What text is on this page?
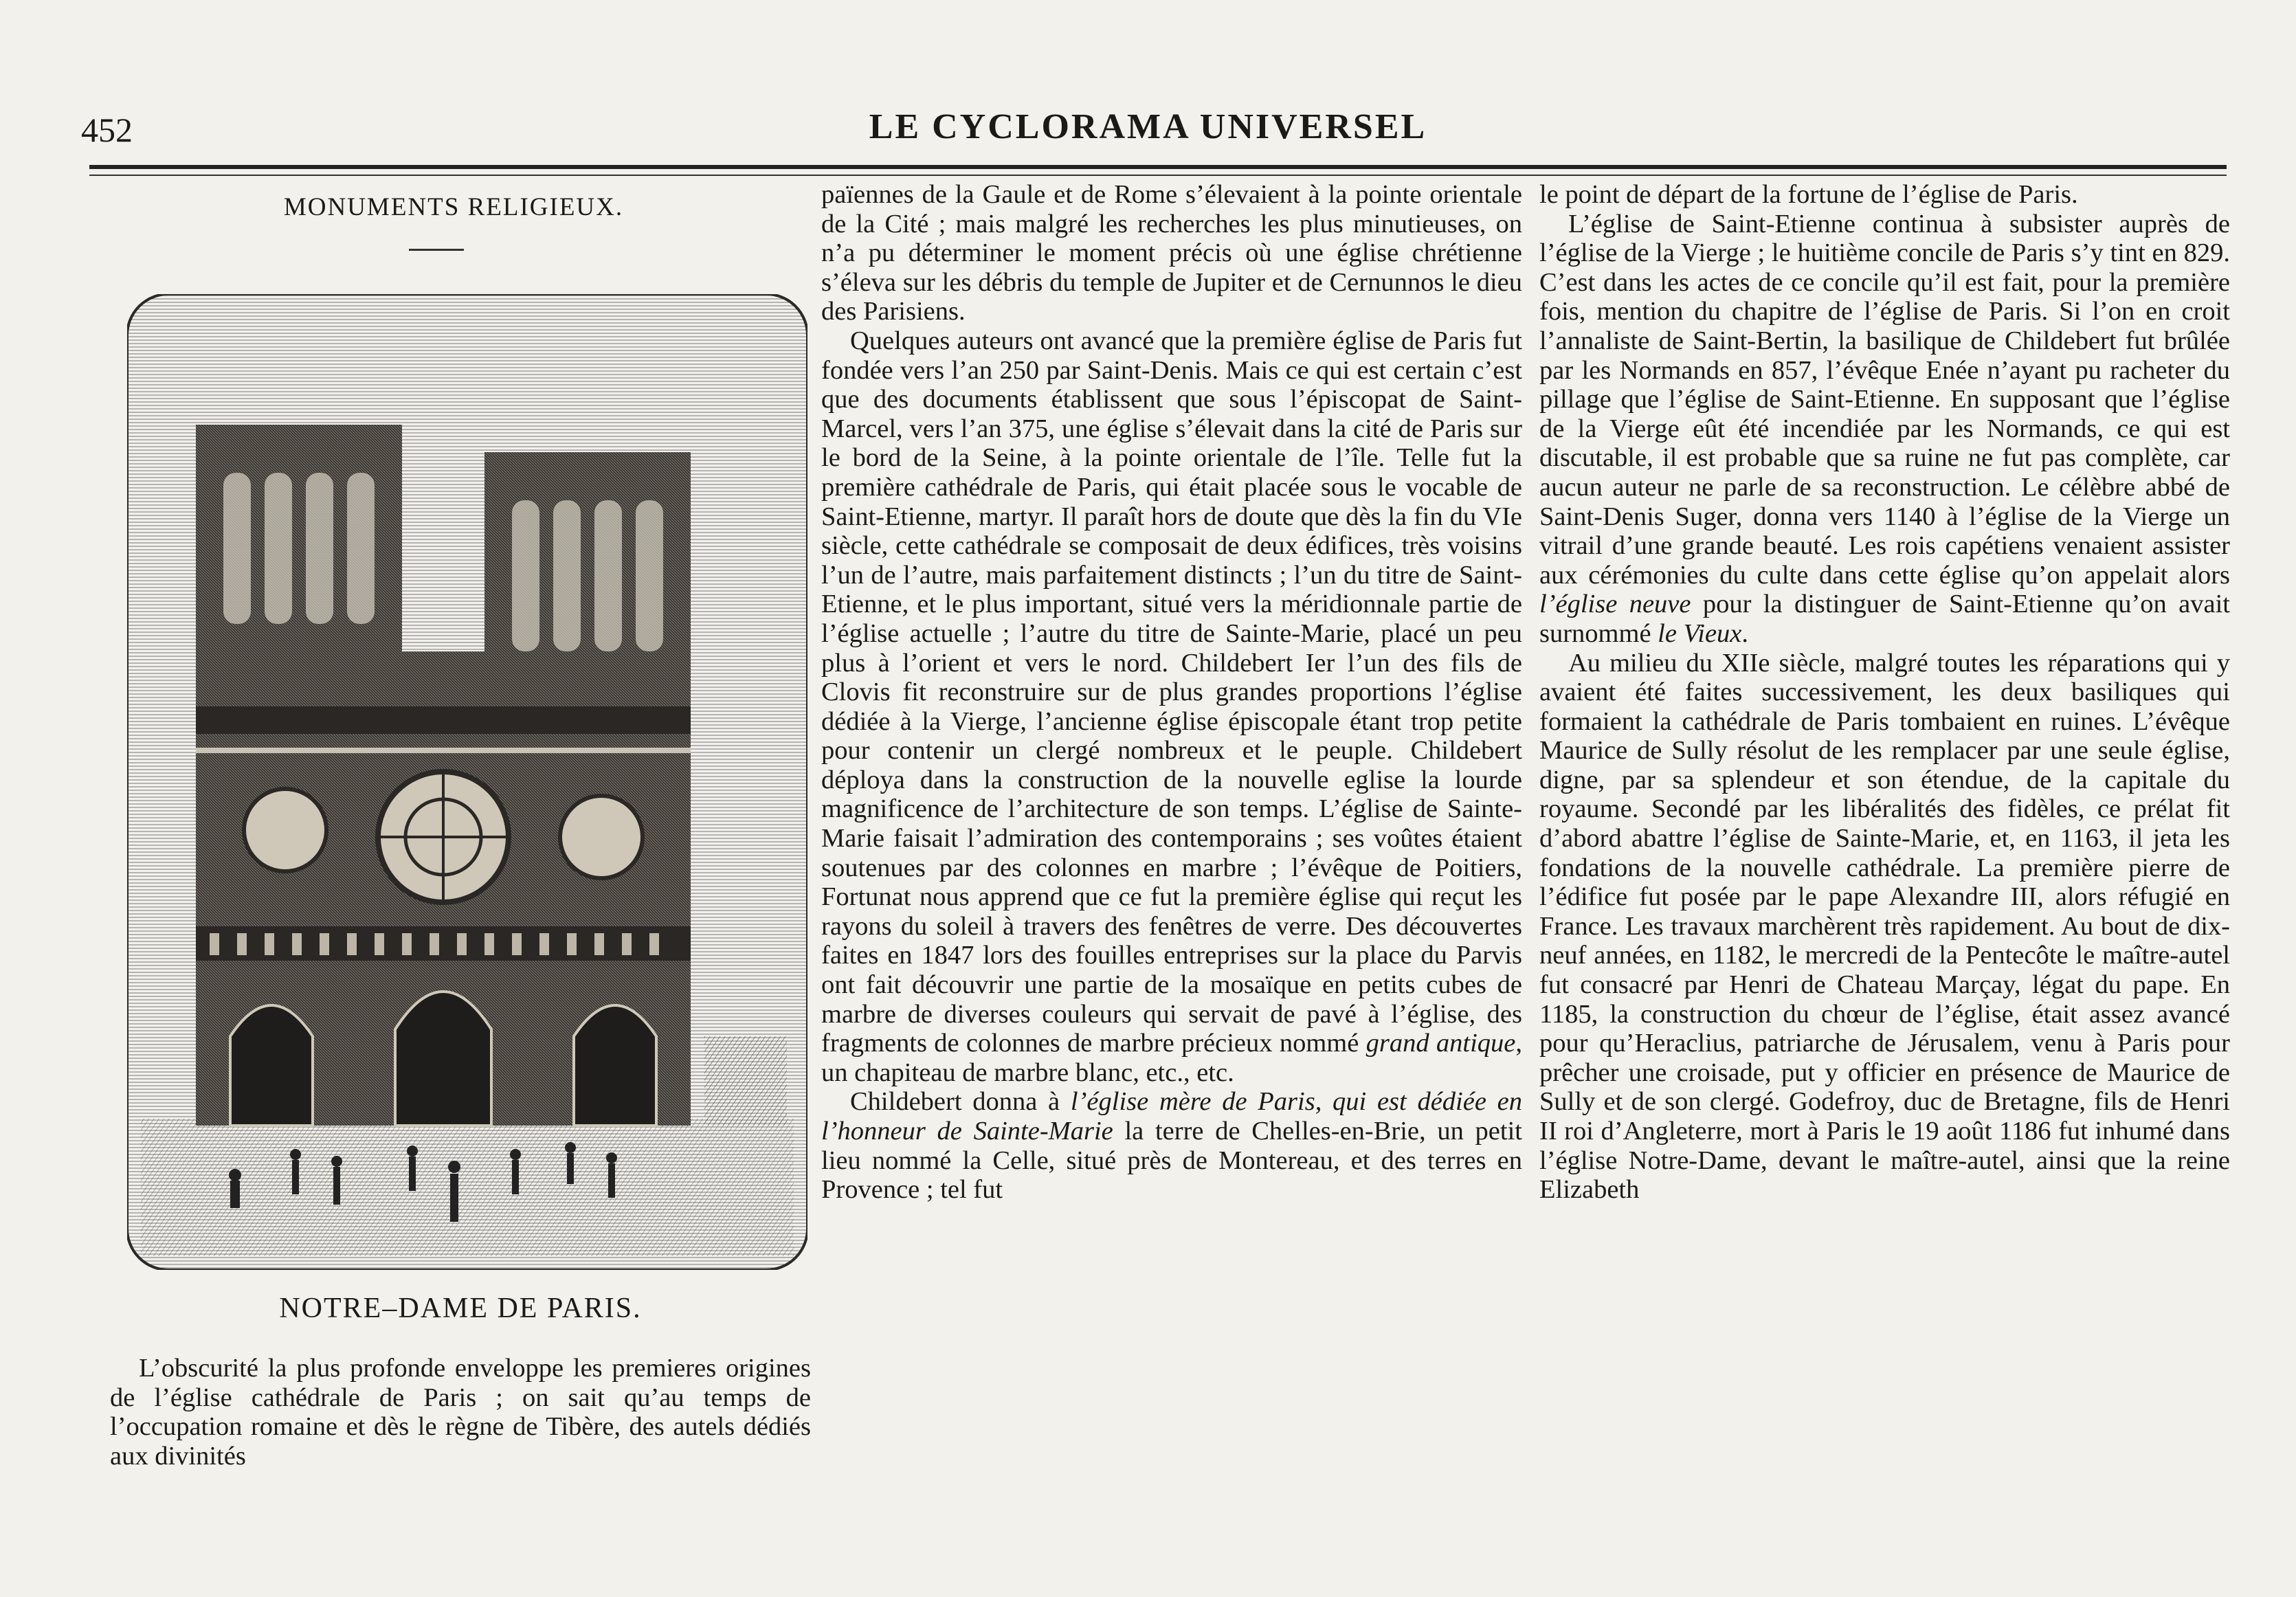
452	LE CYCLORAMA UNIVERSEL
MONUMENTS RELIGIEUX.
NOTRE–DAME DE PARIS.

L’obscurité la plus profonde enveloppe les premieres origines de l’église cathédrale de Paris ; on sait qu’au temps de l’occupation romaine et dès le règne de Tibère, des autels dédiés aux divinités

païennes de la Gaule et de Rome s’élevaient à la pointe orientale de la Cité ; mais malgré les recherches les plus minutieuses, on n’a pu déterminer le moment précis où une église chrétienne s’éleva sur les débris du temple de Jupiter et de Cernunnos le dieu des Parisiens.

Quelques auteurs ont avancé que la première église de Paris fut fondée vers l’an 250 par Saint-Denis. Mais ce qui est certain c’est que des documents établissent que sous l’épiscopat de Saint-Marcel, vers l’an 375, une église s’élevait dans la cité de Paris sur le bord de la Seine, à la pointe orientale de l’île. Telle fut la première cathédrale de Paris, qui était placée sous le vocable de Saint-Etienne, martyr. Il paraît hors de doute que dès la fin du VIe siècle, cette cathédrale se composait de deux édifices, très voisins l’un de l’autre, mais parfaitement distincts ; l’un du titre de Saint-Etienne, et le plus important, situé vers la méridionnale partie de l’église actuelle ; l’autre du titre de Sainte-Marie, placé un peu plus à l’orient et vers le nord. Childebert Ier l’un des fils de Clovis fit reconstruire sur de plus grandes proportions l’église dédiée à la Vierge, l’ancienne église épiscopale étant trop petite pour contenir un clergé nombreux et le peuple. Childebert déploya dans la construction de la nouvelle eglise la lourde magnificence de l’architecture de son temps. L’église de Sainte-Marie faisait l’admiration des contemporains ; ses voûtes étaient soutenues par des colonnes en marbre ; l’évêque de Poitiers, Fortunat nous apprend que ce fut la première église qui reçut les rayons du soleil à travers des fenêtres de verre. Des découvertes faites en 1847 lors des fouilles entreprises sur la place du Parvis ont fait découvrir une partie de la mosaïque en petits cubes de marbre de diverses couleurs qui servait de pavé à l’église, des fragments de colonnes de marbre précieux nommé grand antique, un chapiteau de marbre blanc, etc., etc.

Childebert donna à l’église mère de Paris, qui est dédiée en l’honneur de Sainte-Marie la terre de Chelles-en-Brie, un petit lieu nommé la Celle, situé près de Montereau, et des terres en Provence ; tel fut

le point de départ de la fortune de l’église de Paris.

L’église de Saint-Etienne continua à subsister auprès de l’église de la Vierge ; le huitième concile de Paris s’y tint en 829. C’est dans les actes de ce concile qu’il est fait, pour la première fois, mention du chapitre de l’église de Paris. Si l’on en croit l’annaliste de Saint-Bertin, la basilique de Childebert fut brûlée par les Normands en 857, l’évêque Enée n’ayant pu racheter du pillage que l’église de Saint-Etienne. En supposant que l’église de la Vierge eût été incendiée par les Normands, ce qui est discutable, il est probable que sa ruine ne fut pas complète, car aucun auteur ne parle de sa reconstruction. Le célèbre abbé de Saint-Denis Suger, donna vers 1140 à l’église de la Vierge un vitrail d’une grande beauté. Les rois capétiens venaient assister aux cérémonies du culte dans cette église qu’on appelait alors l’église neuve pour la distinguer de Saint-Etienne qu’on avait surnommé le Vieux.

Au milieu du XIIe siècle, malgré toutes les réparations qui y avaient été faites successivement, les deux basiliques qui formaient la cathédrale de Paris tombaient en ruines. L’évêque Maurice de Sully résolut de les remplacer par une seule église, digne, par sa splendeur et son étendue, de la capitale du royaume. Secondé par les libéralités des fidèles, ce prélat fit d’abord abattre l’église de Sainte-Marie, et, en 1163, il jeta les fondations de la nouvelle cathédrale. La première pierre de l’édifice fut posée par le pape Alexandre III, alors réfugié en France. Les travaux marchèrent très rapidement. Au bout de dix-neuf années, en 1182, le mercredi de la Pentecôte le maître-autel fut consacré par Henri de Chateau Marçay, légat du pape. En 1185, la construction du chœur de l’église, était assez avancé pour qu’Heraclius, patriarche de Jérusalem, venu à Paris pour prêcher une croisade, put y officier en présence de Maurice de Sully et de son clergé. Godefroy, duc de Bretagne, fils de Henri II roi d’Angleterre, mort à Paris le 19 août 1186 fut inhumé dans l’église Notre-Dame, devant le maître-autel, ainsi que la reine Elizabeth
